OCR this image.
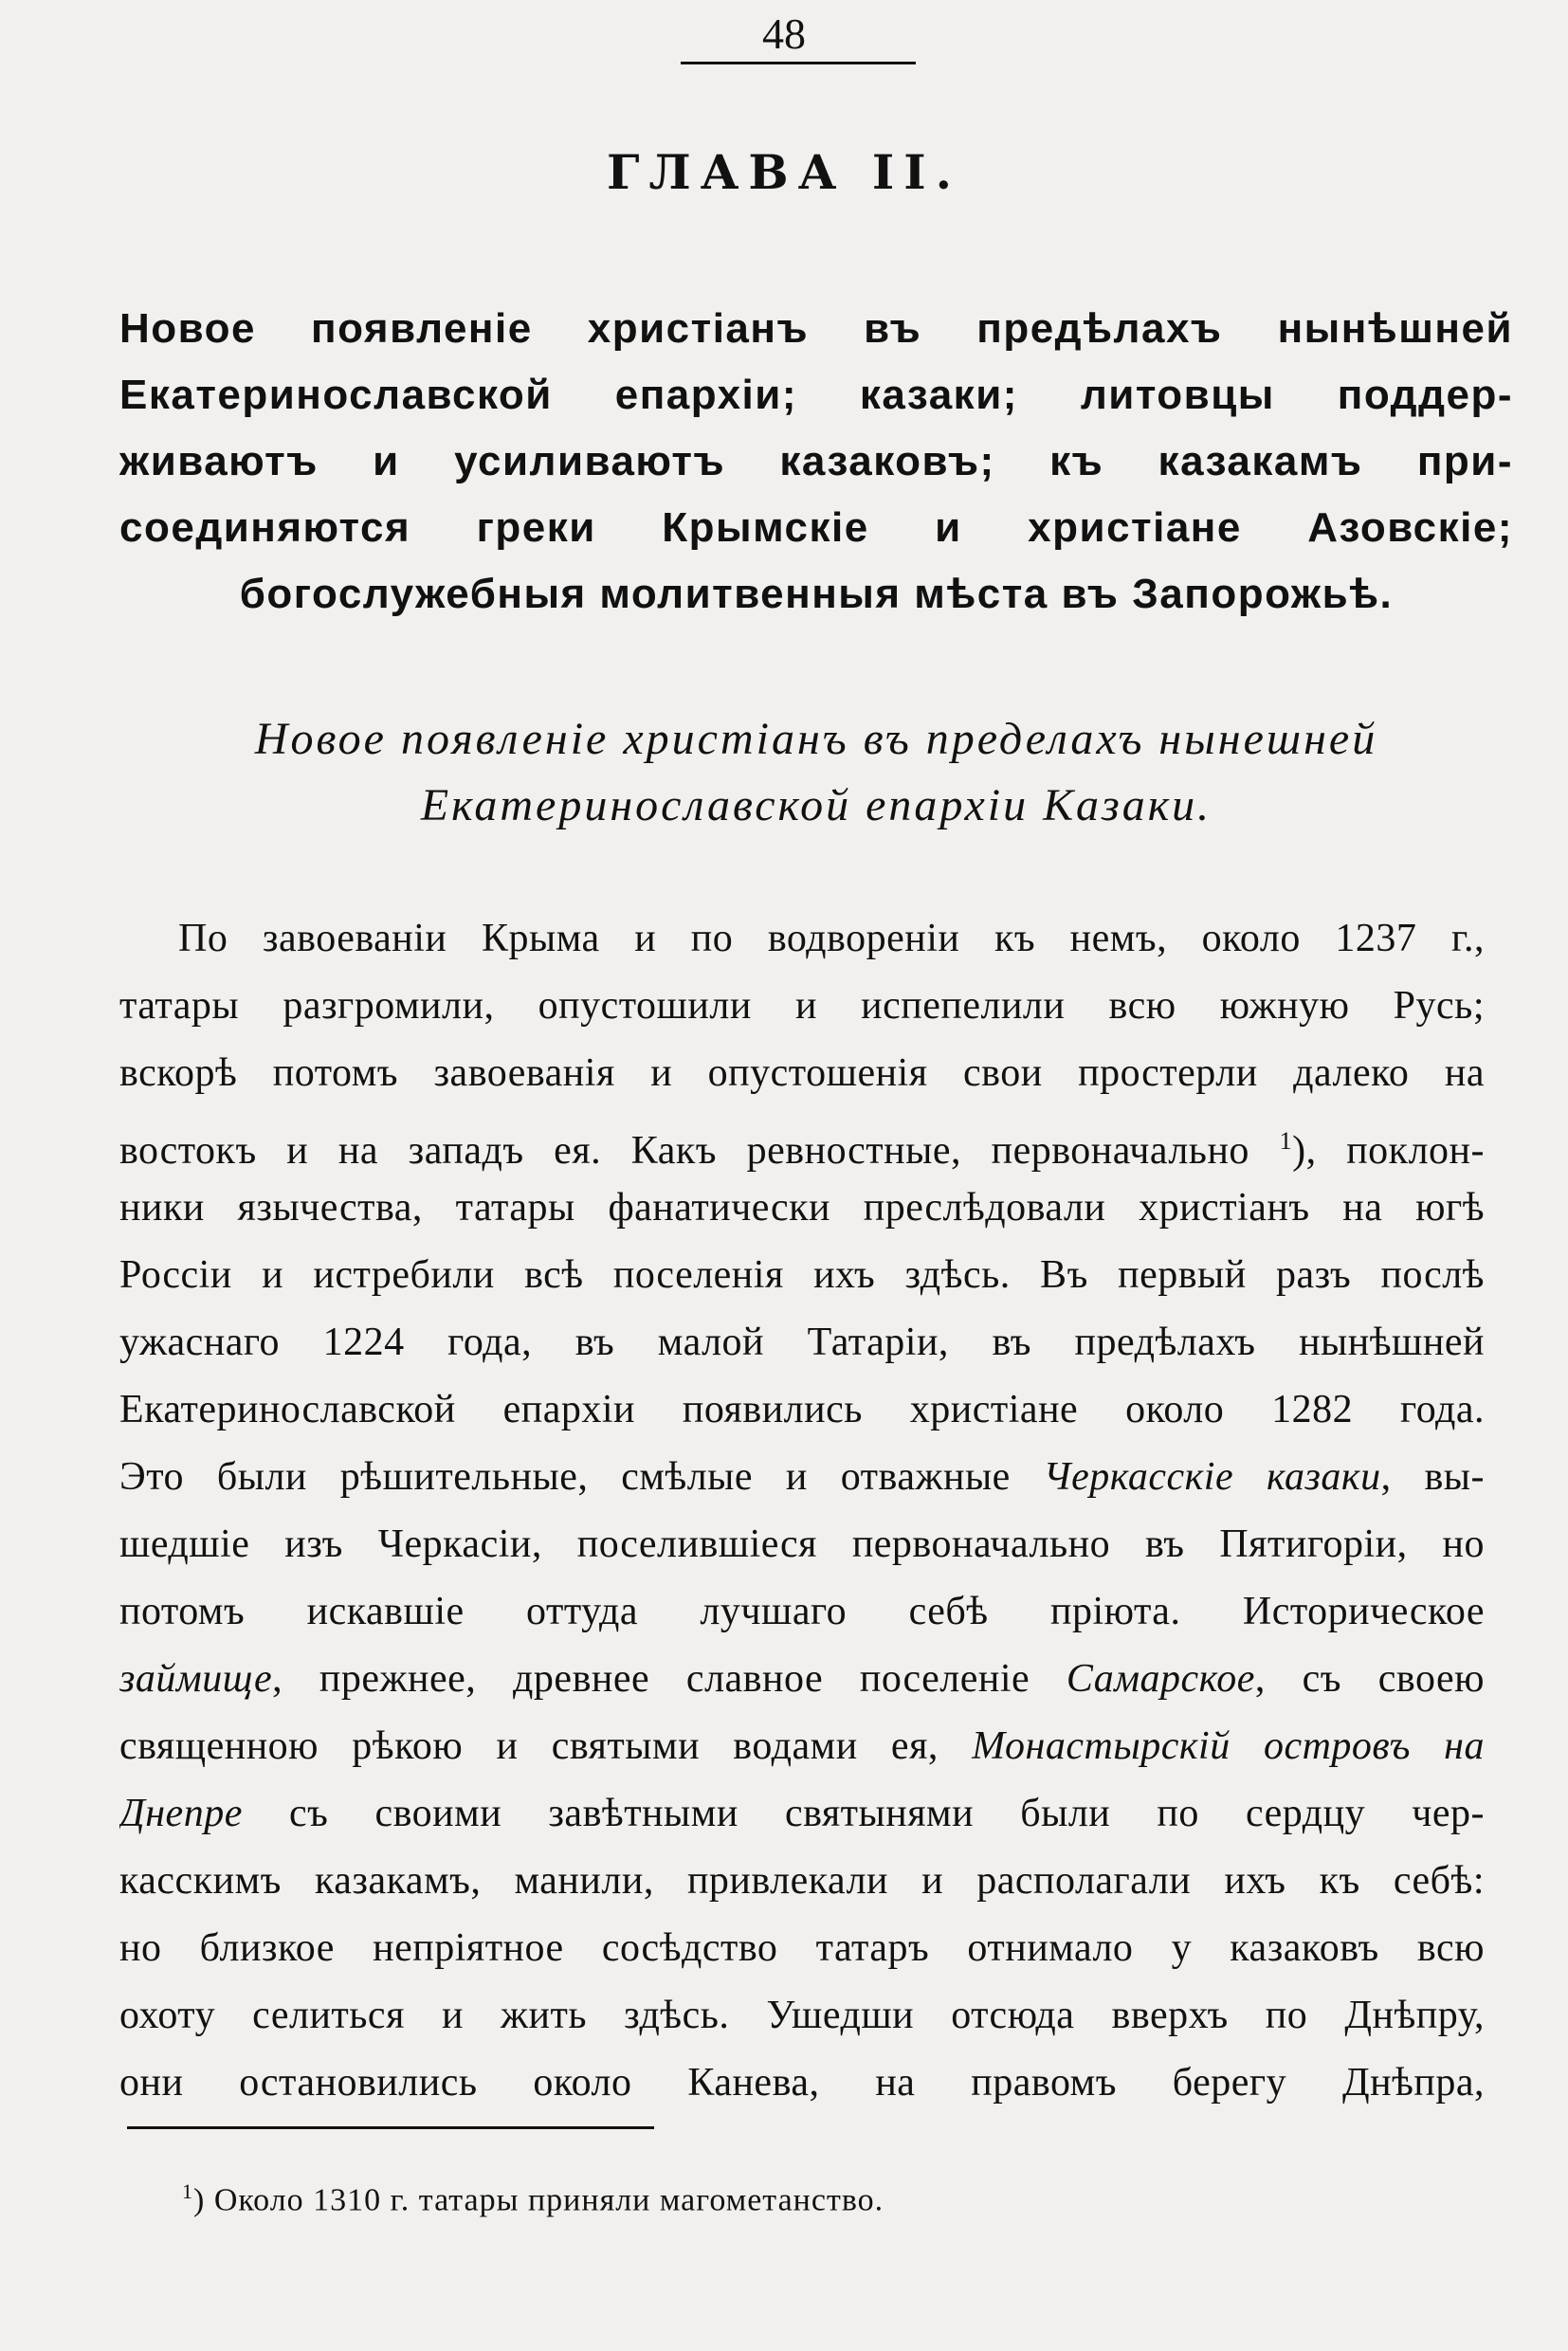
48
ГЛАВА II.
Новое появленіе христіанъ въ предѣлахъ нынѣшней
Екатеринославской епархіи; казаки; литовцы поддер-
живаютъ и усиливаютъ казаковъ; къ казакамъ при-
соединяются греки Крымскіе и христіане Азовскіе;
богослужебныя молитвенныя мѣста въ Запорожьѣ.
Новое появленіе христіанъ въ пределахъ нынешней
Екатеринославской епархіи Казаки.
По завоеваніи Крыма и по водвореніи къ немъ, около 1237 г.,
татары разгромили, опустошили и испепелили всю южную Русь;
вскорѣ потомъ завоеванія и опустошенія свои простерли далеко на
востокъ и на западъ ея. Какъ ревностные, первоначально $^1$), поклон-
ники язычества, татары фанатически преслѣдовали христіанъ на югѣ
Россіи и истребили всѣ поселенія ихъ здѣсь. Въ первый разъ послѣ
ужаснаго 1224 года, въ малой Татаріи, въ предѣлахъ нынѣшней
Екатеринославской епархіи появились христіане около 1282 года.
Это были рѣшительные, смѣлые и отважные Черкасскіе казаки, вы-
шедшіе изъ Черкасіи, поселившіеся первоначально въ Пятигоріи, но
потомъ искавшіе оттуда лучшаго себѣ пріюта. Историческое
займище, прежнее, древнее славное поселеніе Самарское, съ своею
священною рѣкою и святыми водами ея, Монастырскій островъ на
Днепре съ своими завѣтными святынями были по сердцу чер-
касскимъ казакамъ, манили, привлекали и располагали ихъ къ себѣ:
но близкое непріятное сосѣдство татаръ отнимало у казаковъ всю
охоту селиться и жить здѣсь. Ушедши отсюда вверхъ по Днѣпру,
они остановились около Канева, на правомъ берегу Днѣпра,
$^1$) Около 1310 г. татары приняли магометанство.
